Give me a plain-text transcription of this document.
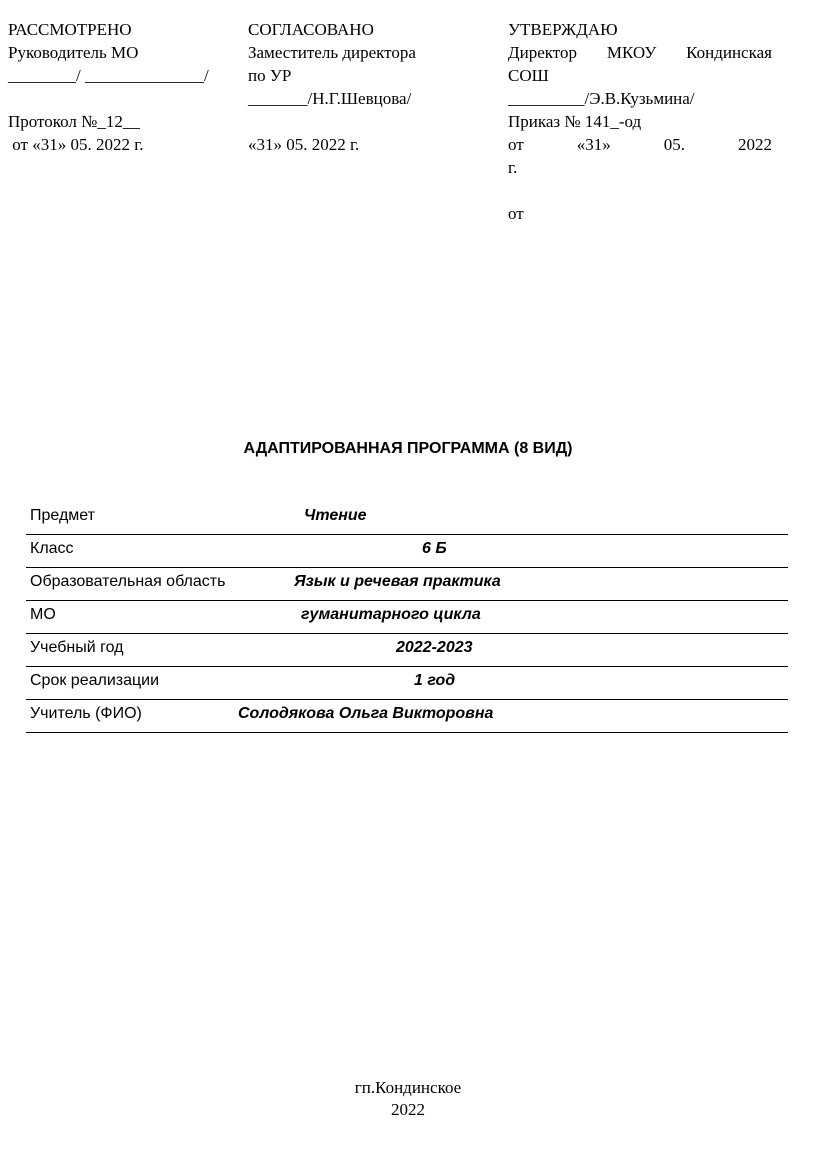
РАССМОТРЕНО
Руководитель МО
________/ ______________/
Протокол №_12__
от «31» 05. 2022 г.
СОГЛАСОВАНО
Заместитель директора
по УР
_______/Н.Г.Шевцова/
«31» 05. 2022 г.
УТВЕРЖДАЮ
Директор МКОУ Кондинская
СОШ
_________/Э.В.Кузьмина/
Приказ № 141_-од
от	«31»	05.	2022
г.
от
АДАПТИРОВАННАЯ ПРОГРАММА (8 ВИД)
Предмет	Чтение
Класс	6 Б
Образовательная область	Язык и речевая практика
МО	гуманитарного цикла
Учебный год	2022-2023
Срок реализации	1 год
Учитель (ФИО)	Солодякова Ольга Викторовна
гп.Кондинское
2022
